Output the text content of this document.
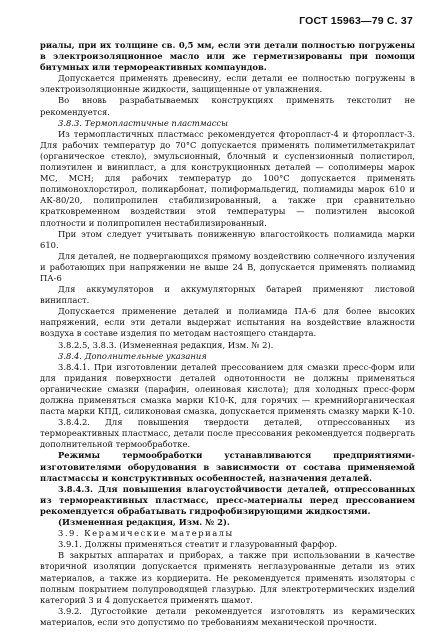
ГОСТ 15963—79 С. 37

риалы, при их толщине св. 0,5 мм, если эти детали полностью погружены в электроизоляционное масло или же герметизированы при помощи битумных или термореактивных компаундов.

Допускается применять древесину, если детали ее полностью погружены в электроизоляционные жидкости, защищенные от увлажнения.

Во вновь разрабатываемых конструкциях применять текстолит не рекомендуется.

3.8.3. Термопластичные пластмассы

Из термопластичных пластмасс рекомендуется фторопласт-4 и фторопласт-3. Для рабочих температур до 70°С допускается применять полиметилметакрилат (органическое стекло), эмульсионный, блочный и суспензионный полистирол, полиэтилен и винипласт, а для конструкционных деталей — сополимеры марок МС, МСН; для рабочих температур до 100°С допускается применять полимонохлорстирол, поликарбонат, полиформальдегид, полиамиды марок 610 и АК-80/20, полипропилен стабилизированный, а также при сравнительно кратковременном воздействии этой температуры — полиэтилен высокой плотности и полипропилен нестабилизированный.

При этом следует учитывать пониженную влагостойкость полиамида марки 610.

Для деталей, не подвергающихся прямому воздействию солнечного излучения и работающих при напряжении не выше 24 В, допускается применять полиамид ПА-6

Для аккумуляторов и аккумуляторных батарей применяют листовой винипласт.

Допускается применение деталей и полиамида ПА-6 для более высоких напряжений, если эти детали выдержат испытания на воздействие влажности воздуха в составе изделия по методам настоящего стандарта.

3.8.2.5, 3.8.3. (Измененная редакция, Изм. № 2).

3.8.4. Дополнительные указания

3.8.4.1. При изготовлении деталей прессованием для смазки пресс-форм или для придания поверхности деталей однотонности не должны применяться органические смазки (парафин, олеиновая кислота); для холодных пресс-форм должна применяться смазка марки К10-К, для горячих — кремнийорганическая паста марки КПД, силиконовая смазка, допускается применять смазку марки К-10.

3.8.4.2. Для повышения твердости деталей, отпрессованных из термореактивных пластмасс, детали после прессования рекомендуется подвергать дополнительной термообработке.

Режимы термообработки устанавливаются предприятиями-изготовителями оборудования в зависимости от состава применяемой пластмассы и конструктивных особенностей, назначения деталей.

3.8.4.3. Для повышения влагоустойчивости деталей, отпрессованных из термореактивных пластмасс, пресс-материалы перед прессованием рекомендуется обрабатывать гидрофобизирующими жидкостями.

(Измененная редакция, Изм. № 2).

3.9. Керамические материалы

3.9.1. Должны применяться стеатит и глазурованный фарфор.

В закрытых аппаратах и приборах, а также при использовании в качестве вторичной изоляции допускается применять неглазурованные детали из этих материалов, а также из кордиерита. Не рекомендуется применять изоляторы с полным покрытием полупроводящей глазурью. Для электротермических изделий категорий 3 и 4 допускается применять шамот.

3.9.2. Дугостойкие детали рекомендуется изготовлять из керамических материалов, если это допустимо по требованиям механической прочности.
